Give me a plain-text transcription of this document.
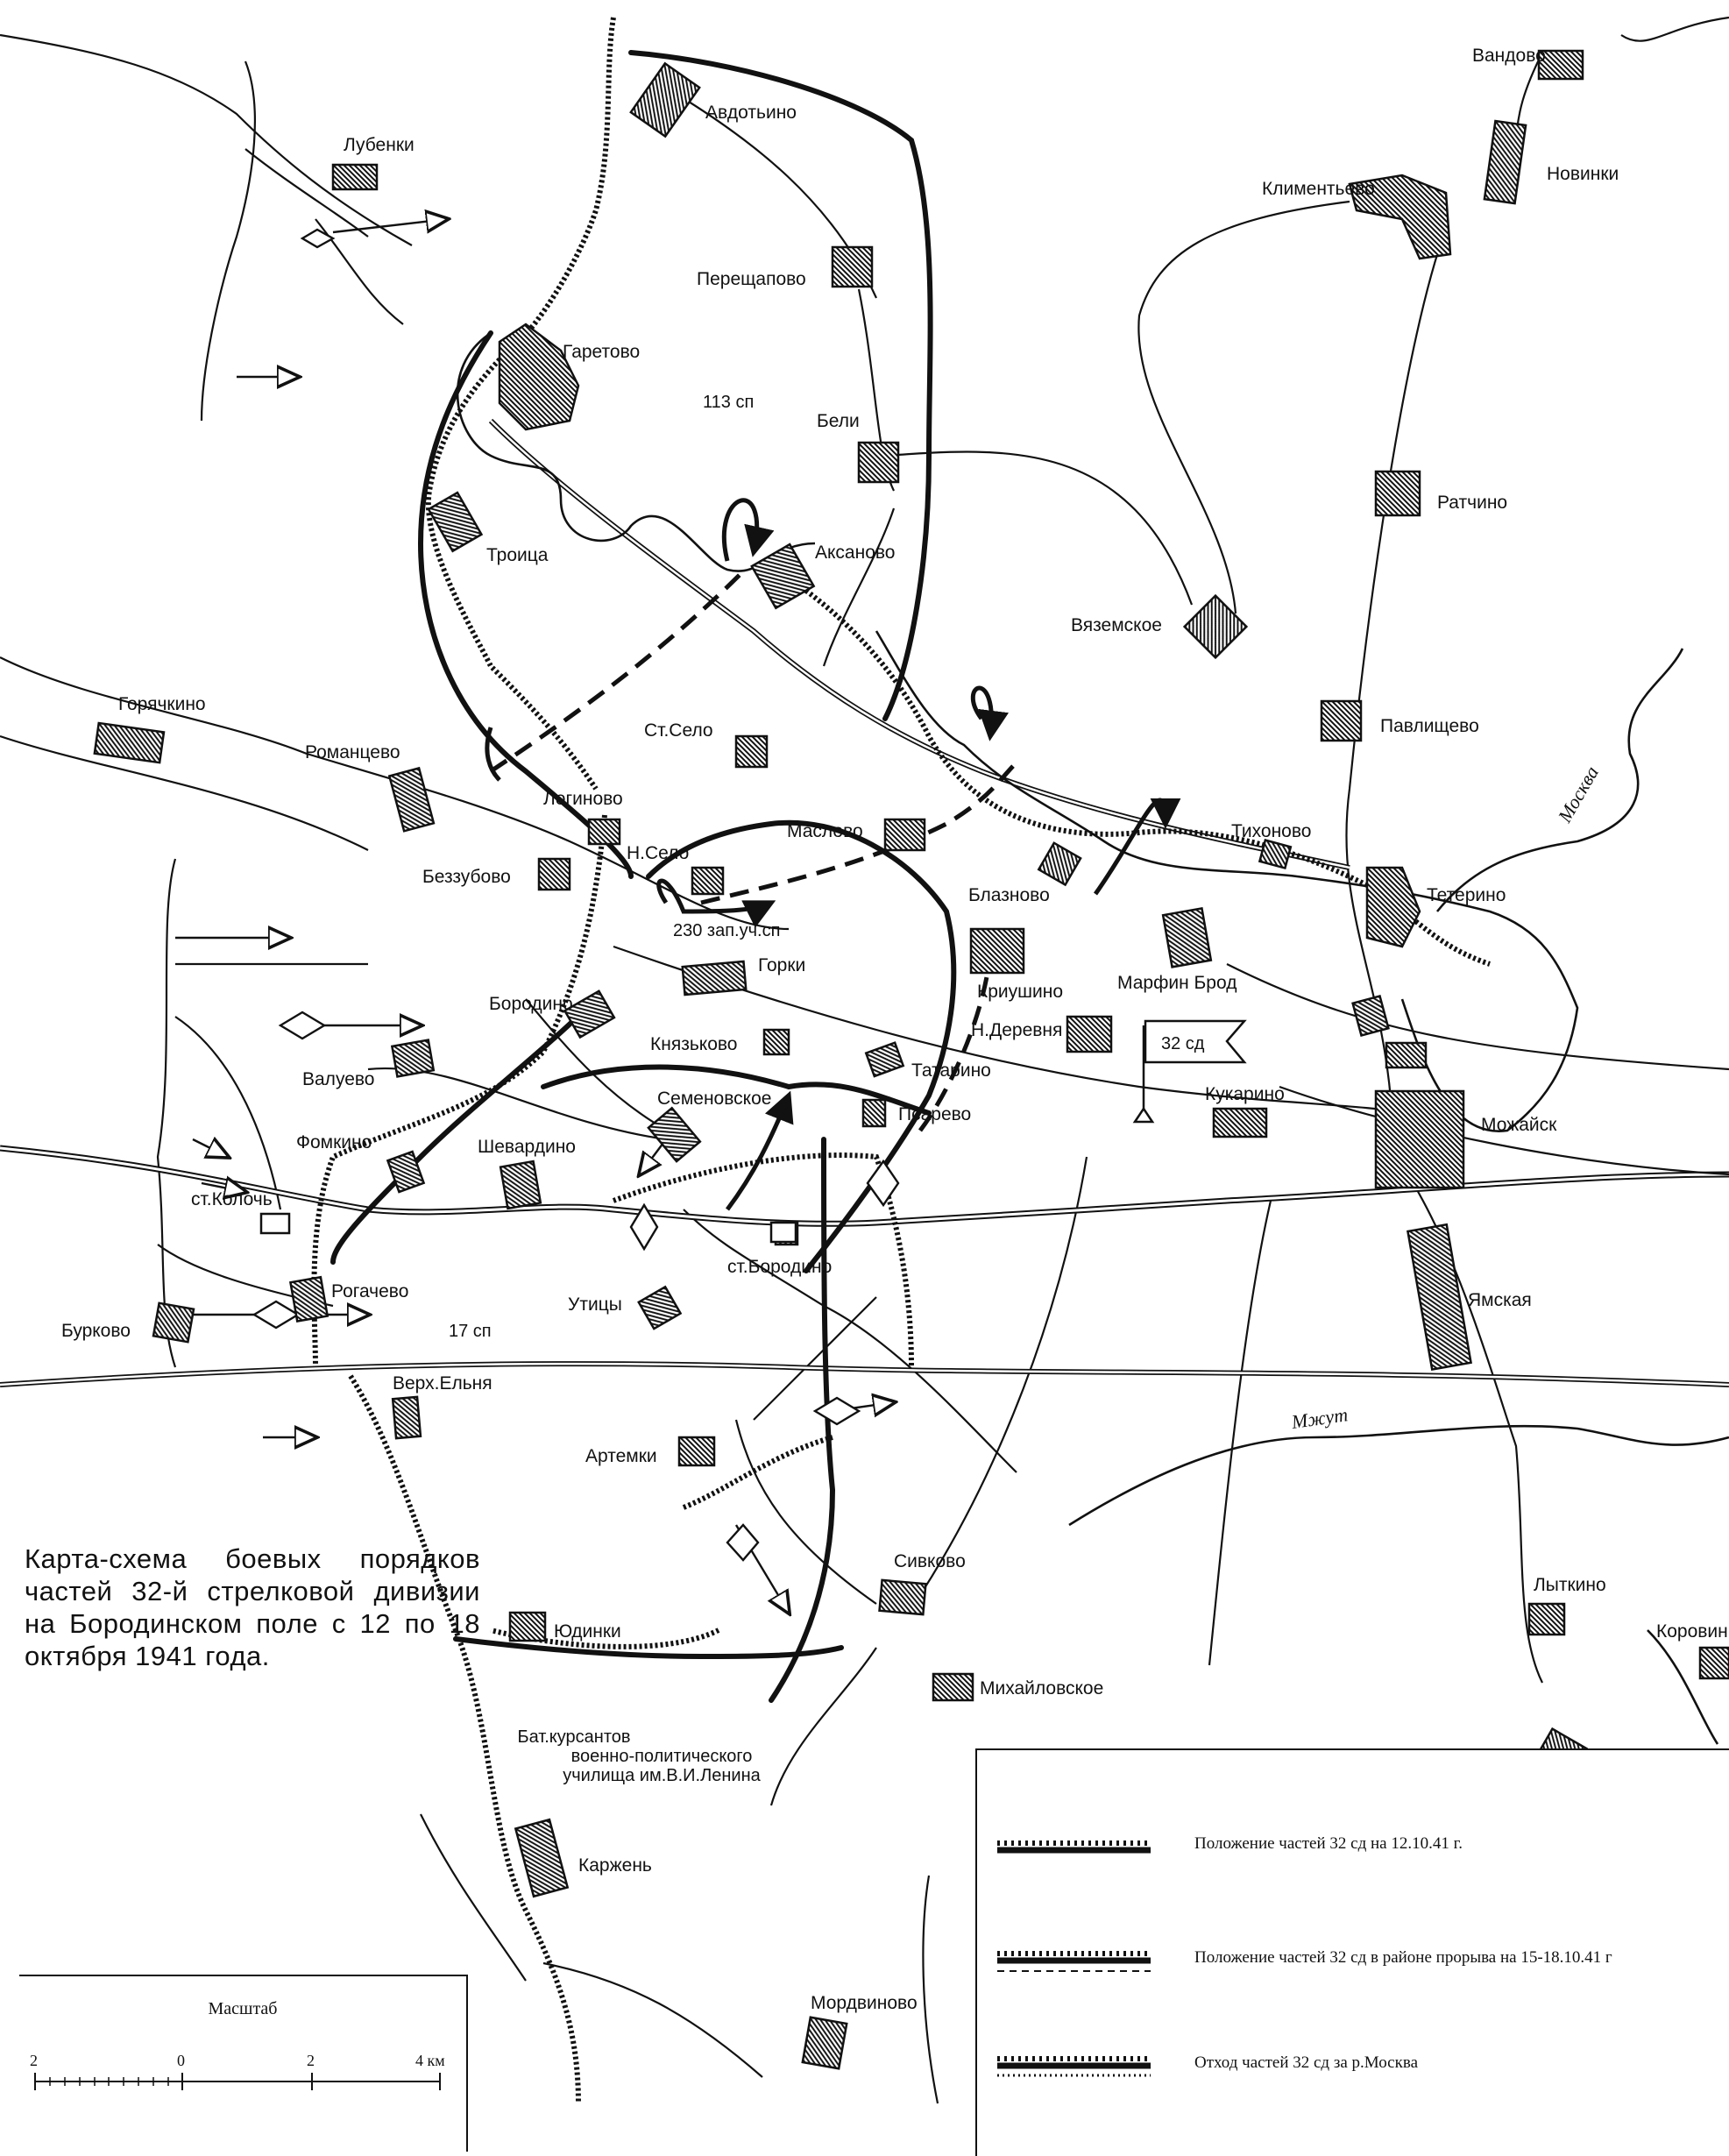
32 сд
Авдотьино
Лубенки
Гаретово
Перещапово
Бели
Троица	Аксаново
Вяземское
Вандово
Новинки
Климентьево
Ратчино
Павлищево
Горячкино
Романцево
Ст.Село
Логиново
Маслово	Тихоново
Тетерино
Беззубово
Н.Село
Блазново
Криушино	Марфин Брод
Горки
Бородино
Князьково
Н.Деревня
Татарино
Валуево
Семеновское
Псарево
Кукарино
Можайск
Фомкино	Шевардино
ст.Колочь
ст.Бородино
Рогачево
Утицы	Ямская
Бурково
Верх.Ельня
Артемки
Сивково
Юдинки
Лыткино
Михайловское
Коровин
Каржень
Мордвиново
113 сп
230 зап.уч.сп
17 сп
Бат.курсантов
военно-политического
училища им.В.И.Ленина
Москва
Мжут
Карта-схема боевых порядков частей 32-й стрелковой дивизии на Бородинском поле с 12 по 18 октября 1941 года.
Масштаб
2	0	2	4 км
Положение частей 32 сд на 12.10.41 г.
Положение частей 32 сд в районе прорыва на 15-18.10.41 г
Отход частей 32 сд за р.Москва
